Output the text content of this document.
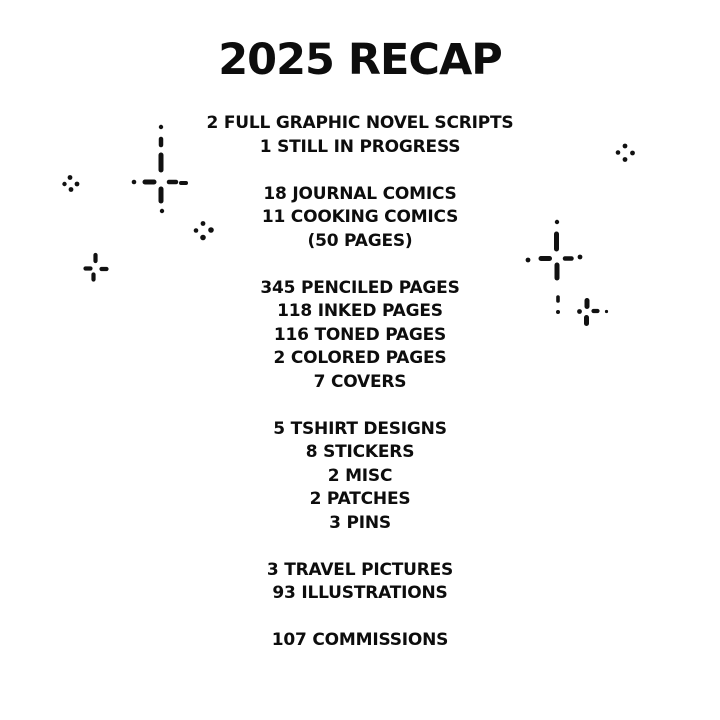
2025 RECAP
2 FULL GRAPHIC NOVEL SCRIPTS
1 STILL IN PROGRESS
18 JOURNAL COMICS
11 COOKING COMICS
(50 PAGES)
345 PENCILED PAGES
118 INKED PAGES
116 TONED PAGES
2 COLORED PAGES
7 COVERS
5 TSHIRT DESIGNS
8 STICKERS
2 MISC
2 PATCHES
3 PINS
3 TRAVEL PICTURES
93 ILLUSTRATIONS
107 COMMISSIONS
